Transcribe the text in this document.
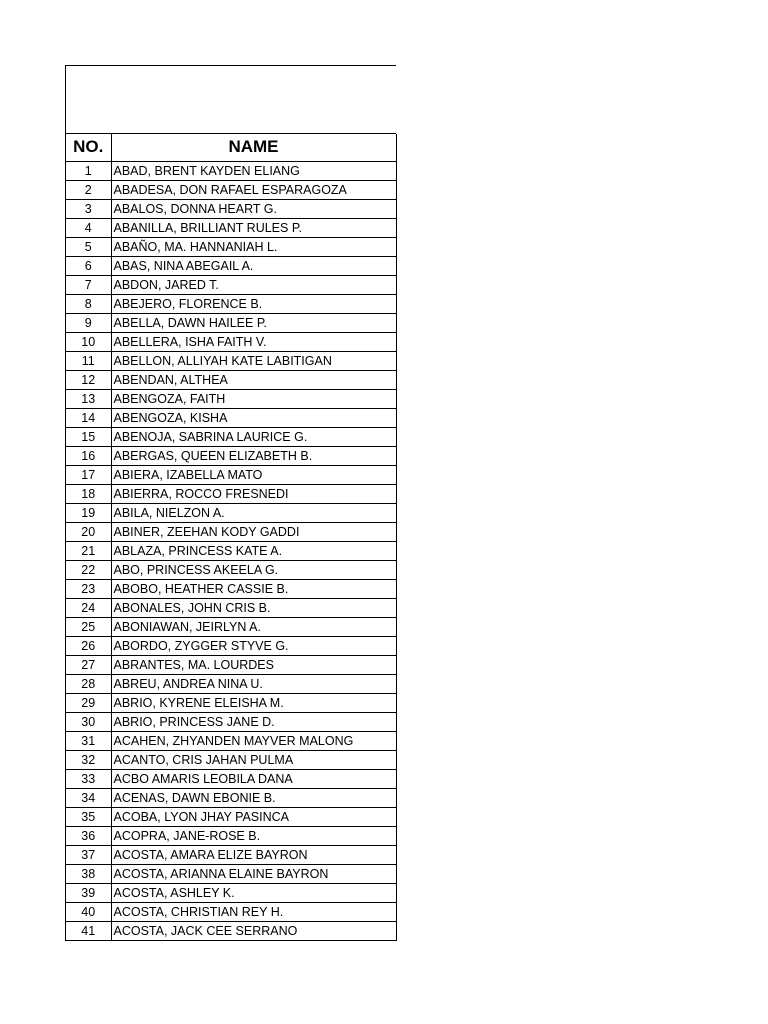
NO.	NAME
1	ABAD, BRENT KAYDEN ELIANG
2	ABADESA, DON RAFAEL ESPARAGOZA
3	ABALOS, DONNA HEART G.
4	ABANILLA, BRILLIANT RULES P.
5	ABAÑO, MA. HANNANIAH L.
6	ABAS, NINA ABEGAIL A.
7	ABDON, JARED T.
8	ABEJERO, FLORENCE B.
9	ABELLA, DAWN HAILEE P.
10	ABELLERA, ISHA FAITH V.
11	ABELLON, ALLIYAH KATE LABITIGAN
12	ABENDAN, ALTHEA
13	ABENGOZA, FAITH
14	ABENGOZA, KISHA
15	ABENOJA, SABRINA LAURICE G.
16	ABERGAS, QUEEN ELIZABETH B.
17	ABIERA, IZABELLA MATO
18	ABIERRA, ROCCO FRESNEDI
19	ABILA, NIELZON A.
20	ABINER, ZEEHAN KODY GADDI
21	ABLAZA, PRINCESS KATE A.
22	ABO, PRINCESS AKEELA G.
23	ABOBO, HEATHER CASSIE B.
24	ABONALES, JOHN CRIS B.
25	ABONIAWAN, JEIRLYN A.
26	ABORDO, ZYGGER STYVE G.
27	ABRANTES, MA. LOURDES
28	ABREU, ANDREA NINA U.
29	ABRIO, KYRENE ELEISHA M.
30	ABRIO, PRINCESS JANE D.
31	ACAHEN, ZHYANDEN MAYVER MALONG
32	ACANTO, CRIS JAHAN PULMA
33	ACBO AMARIS LEOBILA DANA
34	ACENAS, DAWN EBONIE B.
35	ACOBA, LYON JHAY PASINCA
36	ACOPRA, JANE-ROSE B.
37	ACOSTA, AMARA ELIZE BAYRON
38	ACOSTA, ARIANNA ELAINE BAYRON
39	ACOSTA, ASHLEY K.
40	ACOSTA, CHRISTIAN REY H.
41	ACOSTA, JACK CEE SERRANO
